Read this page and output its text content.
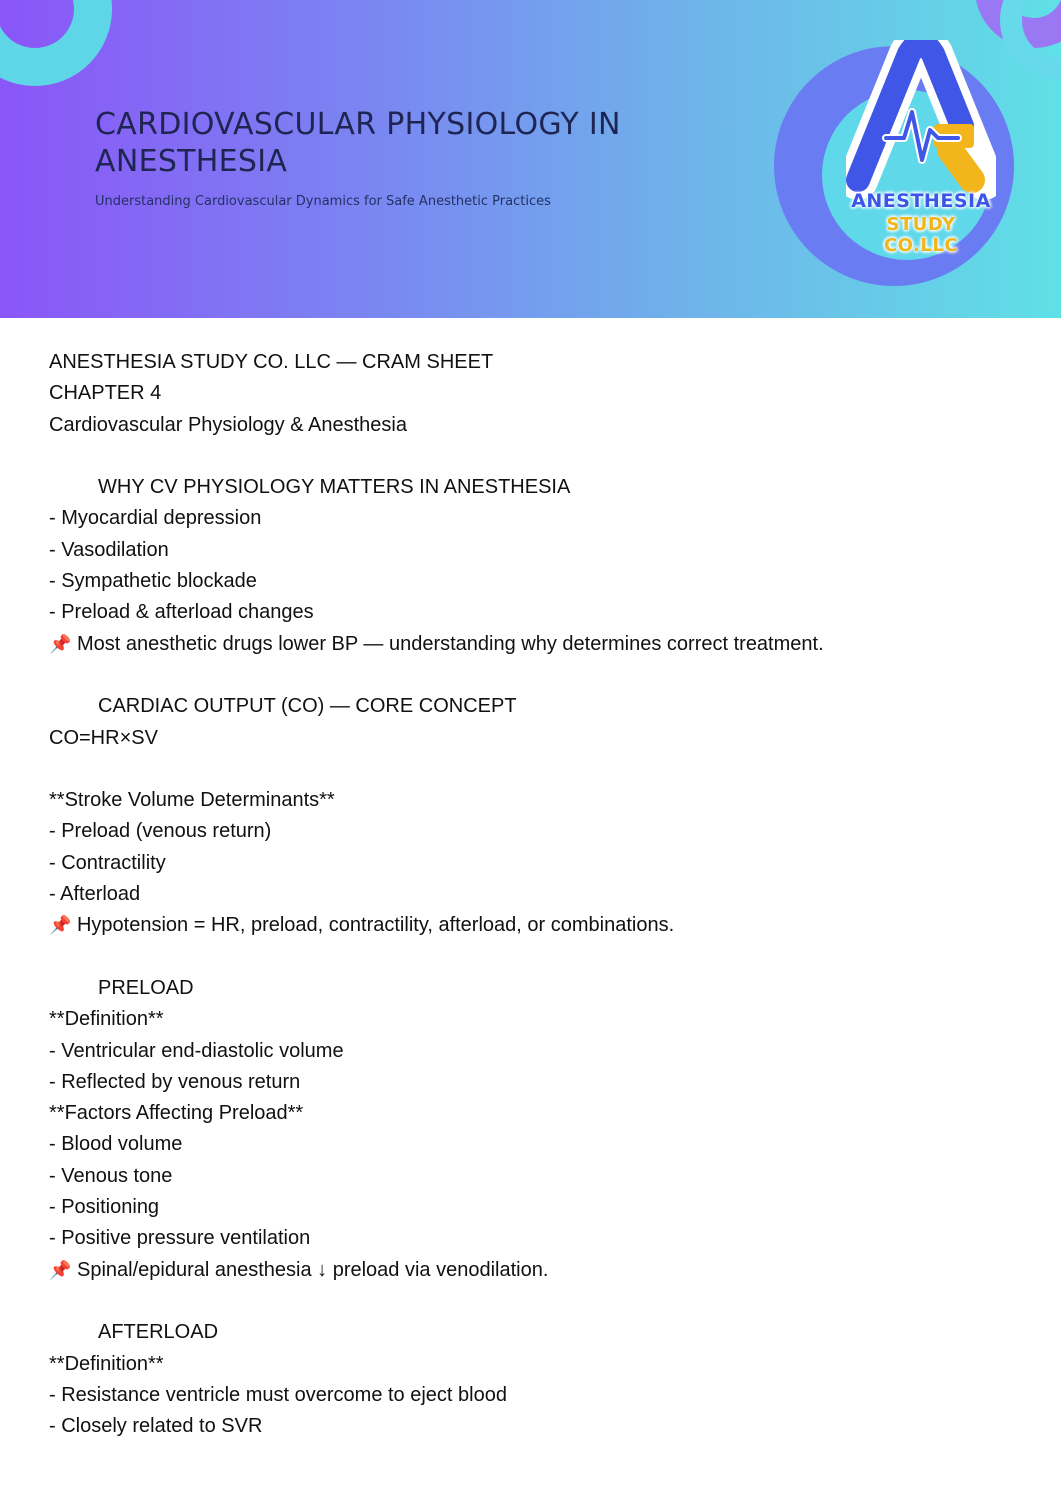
ANESTHESIA
STUDY CO.LLC
CARDIOVASCULAR PHYSIOLOGY IN ANESTHESIA
Understanding Cardiovascular Dynamics for Safe Anesthetic Practices
ANESTHESIA STUDY CO. LLC — CRAM SHEET
CHAPTER 4
Cardiovascular Physiology & Anesthesia
WHY CV PHYSIOLOGY MATTERS IN ANESTHESIA
- Myocardial depression
- Vasodilation
- Sympathetic blockade
- Preload & afterload changes
📌 Most anesthetic drugs lower BP — understanding why determines correct treatment.
CARDIAC OUTPUT (CO) — CORE CONCEPT
CO=HR×SV
**Stroke Volume Determinants**
- Preload (venous return)
- Contractility
- Afterload
📌 Hypotension = HR, preload, contractility, afterload, or combinations.
PRELOAD
**Definition**
- Ventricular end-diastolic volume
- Reflected by venous return
**Factors Affecting Preload**
- Blood volume
- Venous tone
- Positioning
- Positive pressure ventilation
📌 Spinal/epidural anesthesia ↓ preload via venodilation.
AFTERLOAD
**Definition**
- Resistance ventricle must overcome to eject blood
- Closely related to SVR
